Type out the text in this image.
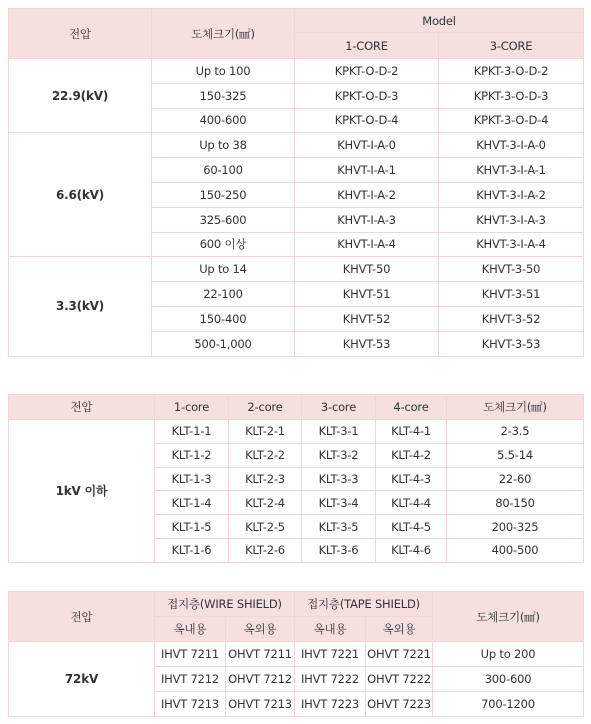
전압	도체크기(㎟)	Model	
		1-CORE	3-CORE
22.9(kV)	Up to 100	KPKT-O-D-2	KPKT-3-O-D-2
	150-325	KPKT-O-D-3	KPKT-3-O-D-3
	400-600	KPKT-O-D-4	KPKT-3-O-D-4
6.6(kV)	Up to 38	KHVT-I-A-0	KHVT-3-I-A-0
	60-100	KHVT-I-A-1	KHVT-3-I-A-1
	150-250	KHVT-I-A-2	KHVT-3-I-A-2
	325-600	KHVT-I-A-3	KHVT-3-I-A-3
	600 이상	KHVT-I-A-4	KHVT-3-I-A-4
3.3(kV)	Up to 14	KHVT-50	KHVT-3-50
	22-100	KHVT-51	KHVT-3-51
	150-400	KHVT-52	KHVT-3-52
	500-1,000	KHVT-53	KHVT-3-53
전압	1-core	2-core	3-core	4-core	도체크기(㎟)
1kV 이하	KLT-1-1	KLT-2-1	KLT-3-1	KLT-4-1	2-3.5
	KLT-1-2	KLT-2-2	KLT-3-2	KLT-4-2	5.5-14
	KLT-1-3	KLT-2-3	KLT-3-3	KLT-4-3	22-60
	KLT-1-4	KLT-2-4	KLT-3-4	KLT-4-4	80-150
	KLT-1-5	KLT-2-5	KLT-3-5	KLT-4-5	200-325
	KLT-1-6	KLT-2-6	KLT-3-6	KLT-4-6	400-500
전압	접지층(WIRE SHIELD)		접지층(TAPE SHIELD)		도체크기(㎟)
	옥내용	옥외용	옥내용	옥외용	
72kV	IHVT 7211	OHVT 7211	IHVT 7221	OHVT 7221	Up to 200
	IHVT 7212	OHVT 7212	IHVT 7222	OHVT 7222	300-600
	IHVT 7213	OHVT 7213	IHVT 7223	OHVT 7223	700-1200
